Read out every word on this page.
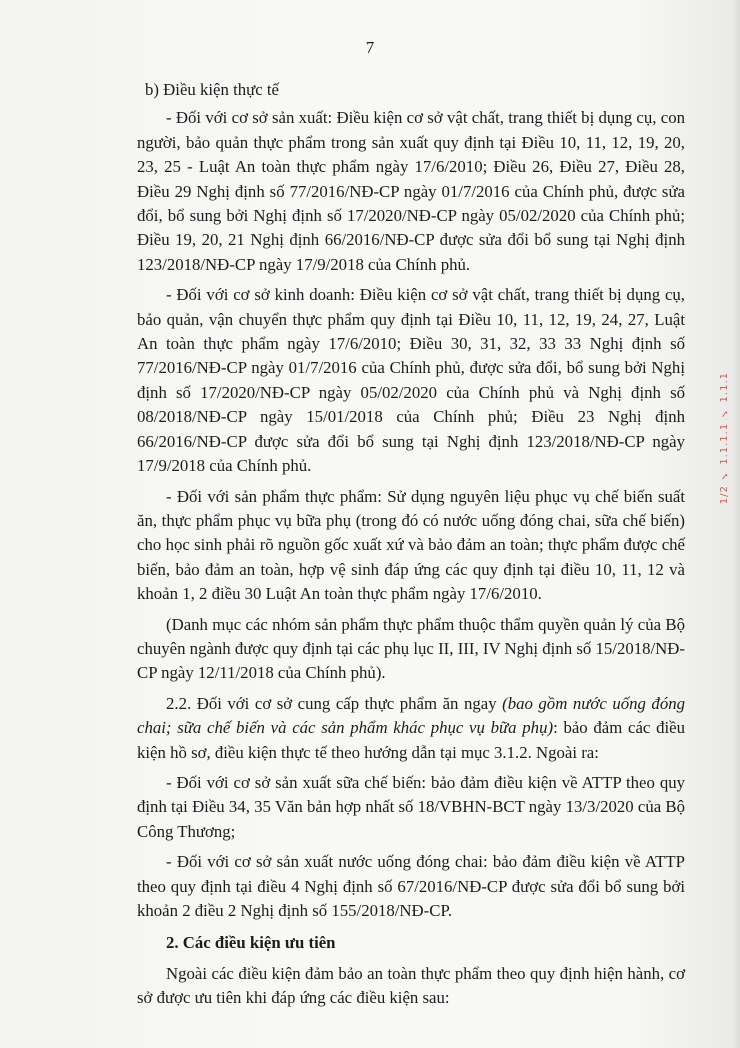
7

b) Điều kiện thực tế

- Đối với cơ sở sản xuất: Điều kiện cơ sở vật chất, trang thiết bị dụng cụ, con người, bảo quản thực phẩm trong sản xuất quy định tại Điều 10, 11, 12, 19, 20, 23, 25 - Luật An toàn thực phẩm ngày 17/6/2010; Điều 26, Điều 27, Điều 28, Điều 29 Nghị định số 77/2016/NĐ-CP ngày 01/7/2016 của Chính phủ, được sửa đổi, bổ sung bởi Nghị định số 17/2020/NĐ-CP ngày 05/02/2020 của Chính phủ; Điều 19, 20, 21 Nghị định 66/2016/NĐ-CP được sửa đổi bổ sung tại Nghị định 123/2018/NĐ-CP ngày 17/9/2018 của Chính phủ.

- Đối với cơ sở kinh doanh: Điều kiện cơ sở vật chất, trang thiết bị dụng cụ, bảo quản, vận chuyển thực phẩm quy định tại Điều 10, 11, 12, 19, 24, 27, Luật An toàn thực phẩm ngày 17/6/2010; Điều 30, 31, 32, 33 33 Nghị định số 77/2016/NĐ-CP ngày 01/7/2016 của Chính phủ, được sửa đổi, bổ sung bởi Nghị định số 17/2020/NĐ-CP ngày 05/02/2020 của Chính phủ và Nghị định số 08/2018/NĐ-CP ngày 15/01/2018 của Chính phủ; Điều 23 Nghị định 66/2016/NĐ-CP được sửa đổi bổ sung tại Nghị định 123/2018/NĐ-CP ngày 17/9/2018 của Chính phủ.

- Đối với sản phẩm thực phẩm: Sử dụng nguyên liệu phục vụ chế biến suất ăn, thực phẩm phục vụ bữa phụ (trong đó có nước uống đóng chai, sữa chế biến) cho học sinh phải rõ nguồn gốc xuất xứ và bảo đảm an toàn; thực phẩm được chế biến, bảo đảm an toàn, hợp vệ sinh đáp ứng các quy định tại điều 10, 11, 12 và khoản 1, 2 điều 30 Luật An toàn thực phẩm ngày 17/6/2010.

(Danh mục các nhóm sản phẩm thực phẩm thuộc thẩm quyền quản lý của Bộ chuyên ngành được quy định tại các phụ lục II, III, IV Nghị định số 15/2018/NĐ-CP ngày 12/11/2018 của Chính phủ).

2.2. Đối với cơ sở cung cấp thực phẩm ăn ngay (bao gồm nước uống đóng chai; sữa chế biến và các sản phẩm khác phục vụ bữa phụ): bảo đảm các điều kiện hồ sơ, điều kiện thực tế theo hướng dẫn tại mục 3.1.2. Ngoài ra:

- Đối với cơ sở sản xuất sữa chế biến: bảo đảm điều kiện về ATTP theo quy định tại Điều 34, 35 Văn bản hợp nhất số 18/VBHN-BCT ngày 13/3/2020 của Bộ Công Thương;

- Đối với cơ sở sản xuất nước uống đóng chai: bảo đảm điều kiện về ATTP theo quy định tại điều 4 Nghị định số 67/2016/NĐ-CP được sửa đổi bổ sung bởi khoản 2 điều 2 Nghị định số 155/2018/NĐ-CP.

2. Các điều kiện ưu tiên

Ngoài các điều kiện đảm bảo an toàn thực phẩm theo quy định hiện hành, cơ sở được ưu tiên khi đáp ứng các điều kiện sau:

1/2 ✓ 1.1.1.1 ✓ 1.1.1
